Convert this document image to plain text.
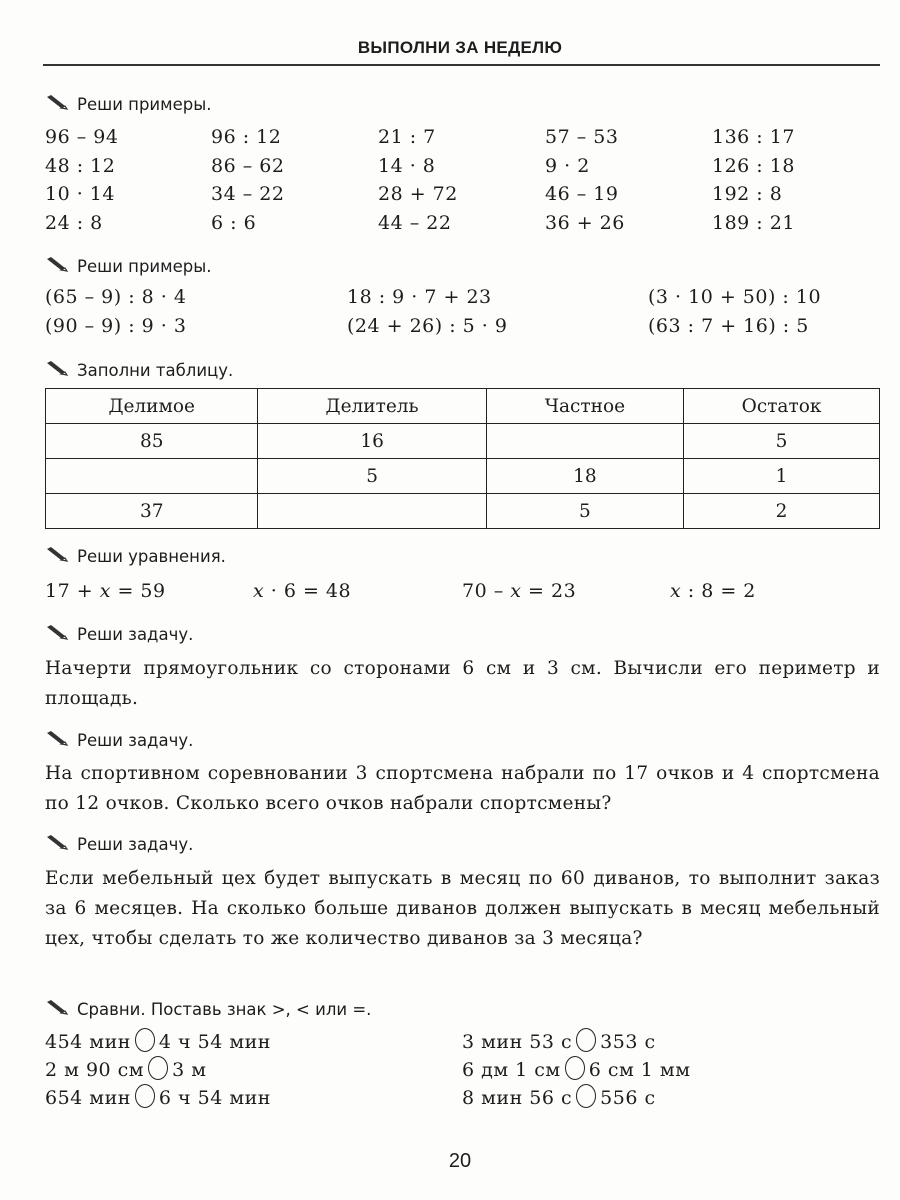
ВЫПОЛНИ ЗА НЕДЕЛЮ
Реши примеры.
96 – 94	96 : 12	21 : 7	57 – 53	136 : 17
48 : 12	86 – 62	14 · 8	9 · 2	126 : 18
10 · 14	34 – 22	28 + 72	46 – 19	192 : 8
24 : 8	6 : 6	44 – 22	36 + 26	189 : 21
Реши примеры.
(65 – 9) : 8 · 4	18 : 9 · 7 + 23	(3 · 10 + 50) : 10
(90 – 9) : 9 · 3	(24 + 26) : 5 · 9	(63 : 7 + 16) : 5
Заполни таблицу.
Делимое	Делитель	Частное	Остаток
85	16		5
	5	18	1
37		5	2
Реши уравнения.
17 + x = 59	x · 6 = 48	70 – x = 23	x : 8 = 2
Реши задачу.
Начерти прямоугольник со сторонами 6 см и 3 см. Вычисли его периметр и площадь.
Реши задачу.
На спортивном соревновании 3 спортсмена набрали по 17 очков и 4 спортсмена по 12 очков. Сколько всего очков набрали спортсмены?
Реши задачу.
Если мебельный цех будет выпускать в месяц по 60 диванов, то выполнит заказ за 6 месяцев. На сколько больше диванов должен выпускать в месяц мебельный цех, чтобы сделать то же количество диванов за 3 месяца?
Сравни. Поставь знак >, < или =.
454 мин 4 ч 54 мин	3 мин 53 с 353 с
2 м 90 см 3 м	6 дм 1 см 6 см 1 мм
654 мин 6 ч 54 мин	8 мин 56 с 556 с
20
